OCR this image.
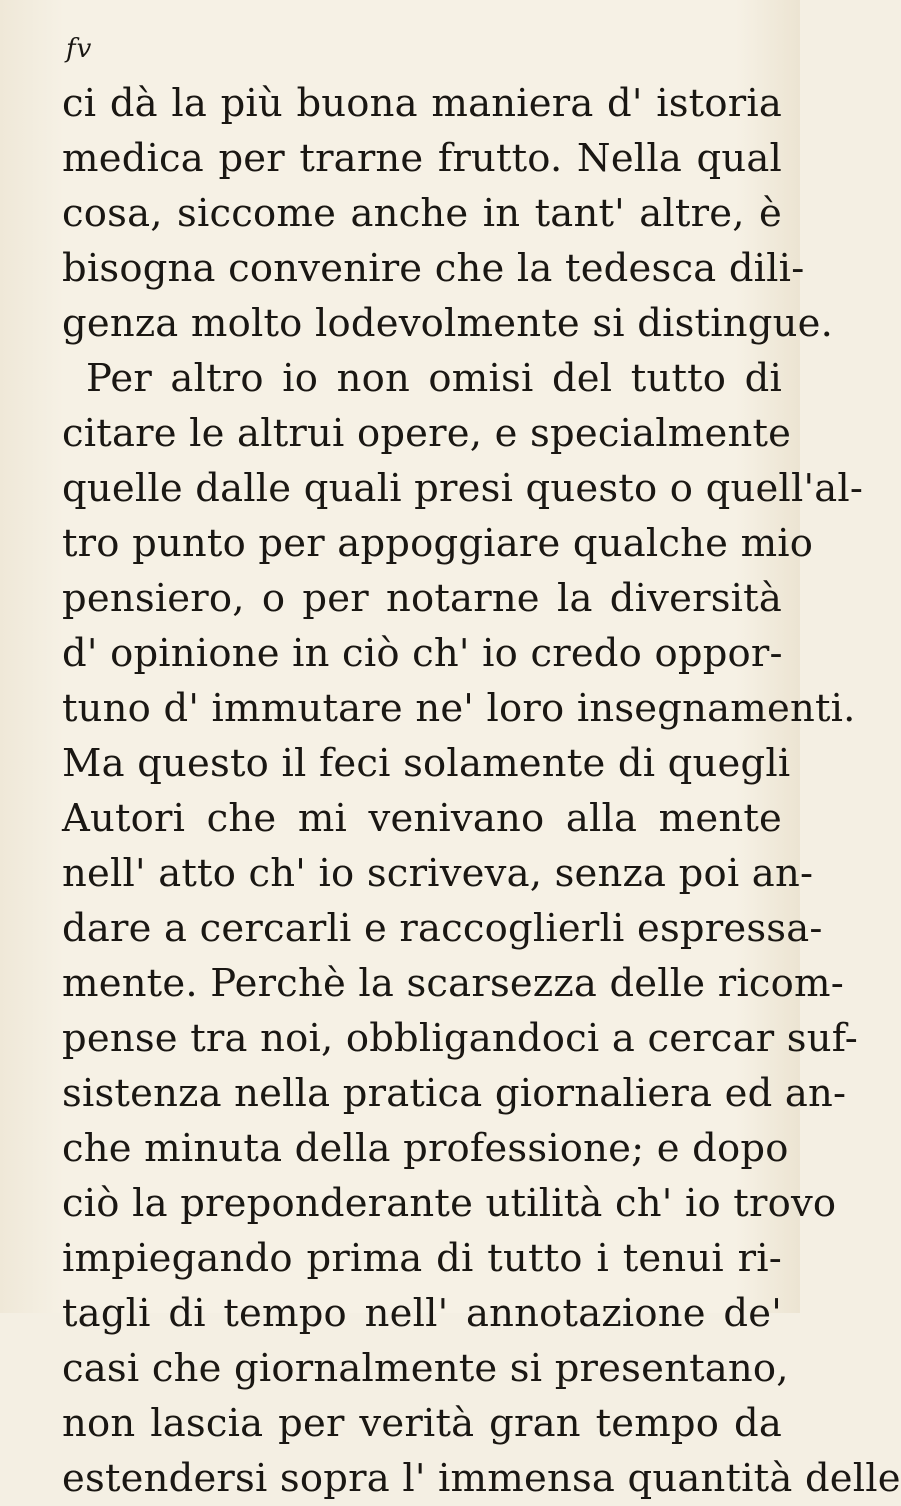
fv
ci dà la più buona maniera d' istoria
medica per trarne frutto. Nella qual
cosa, siccome anche in tant' altre, è
bisogna convenire che la tedesca dili-
genza molto lodevolmente si distingue.
Per altro io non omisi del tutto di
citare le altrui opere, e specialmente
quelle dalle quali presi questo o quell'al-
tro punto per appoggiare qualche mio
pensiero, o per notarne la diversità
d' opinione in ciò ch' io credo oppor-
tuno d' immutare ne' loro insegnamenti.
Ma questo il feci solamente di quegli
Autori che mi venivano alla mente
nell' atto ch' io scriveva, senza poi an-
dare a cercarli e raccoglierli espressa-
mente. Perchè la scarsezza delle ricom-
pense tra noi, obbligandoci a cercar suf-
sistenza nella pratica giornaliera ed an-
che minuta della professione; e dopo
ciò la preponderante utilità ch' io trovo
impiegando prima di tutto i tenui ri-
tagli di tempo nell' annotazione de'
casi che giornalmente si presentano,
non lascia per verità gran tempo da
estendersi sopra l' immensa quantità delle
